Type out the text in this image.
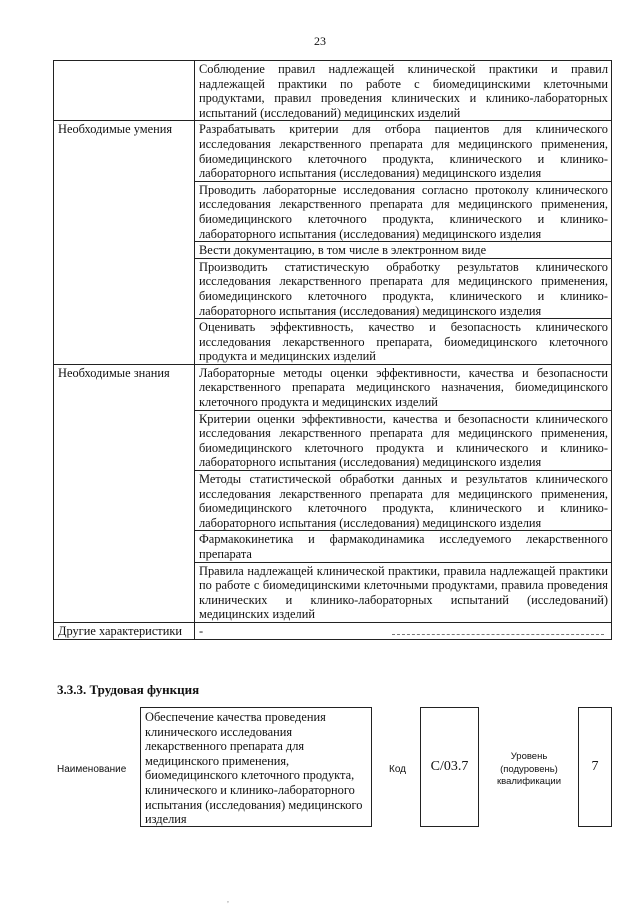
23
	Соблюдение правил надлежащей клинической практики и правил надлежащей практики по работе с биомедицинскими клеточными продуктами, правил проведения клинических и клинико-лабораторных испытаний (исследований) медицинских изделий
Необходимые умения	Разрабатывать критерии для отбора пациентов для клинического исследования лекарственного препарата для медицинского применения, биомедицинского клеточного продукта, клинического и клинико-лабораторного испытания (исследования) медицинского изделия
	Проводить лабораторные исследования согласно протоколу клинического исследования лекарственного препарата для медицинского применения, биомедицинского клеточного продукта, клинического и клинико-лабораторного испытания (исследования) медицинского изделия
	Вести документацию, в том числе в электронном виде
	Производить статистическую обработку результатов клинического исследования лекарственного препарата для медицинского применения, биомедицинского клеточного продукта, клинического и клинико-лабораторного испытания (исследования) медицинского изделия
	Оценивать эффективность, качество и безопасность клинического исследования лекарственного препарата, биомедицинского клеточного продукта и медицинских изделий
Необходимые знания	Лабораторные методы оценки эффективности, качества и безопасности лекарственного препарата медицинского назначения, биомедицинского клеточного продукта и медицинских изделий
	Критерии оценки эффективности, качества и безопасности клинического исследования лекарственного препарата для медицинского применения, биомедицинского клеточного продукта и клинического и клинико-лабораторного испытания (исследования) медицинского изделия
	Методы статистической обработки данных и результатов клинического исследования лекарственного препарата для медицинского применения, биомедицинского клеточного продукта, клинического и клинико-лабораторного испытания (исследования) медицинского изделия
	Фармакокинетика и фармакодинамика исследуемого лекарственного препарата
	Правила надлежащей клинической практики, правила надлежащей практики по работе с биомедицинскими клеточными продуктами, правила проведения клинических и клинико-лабораторных испытаний (исследований) медицинских изделий
Другие характеристики	-
3.3.3. Трудовая функция
Наименование
Обеспечение качества проведения клинического исследования лекарственного препарата для медицинского применения, биомедицинского клеточного продукта, клинического и клинико-лабораторного испытания (исследования) медицинского изделия
Код C/03.7
Уровень (подуровень) квалификации
7
,
